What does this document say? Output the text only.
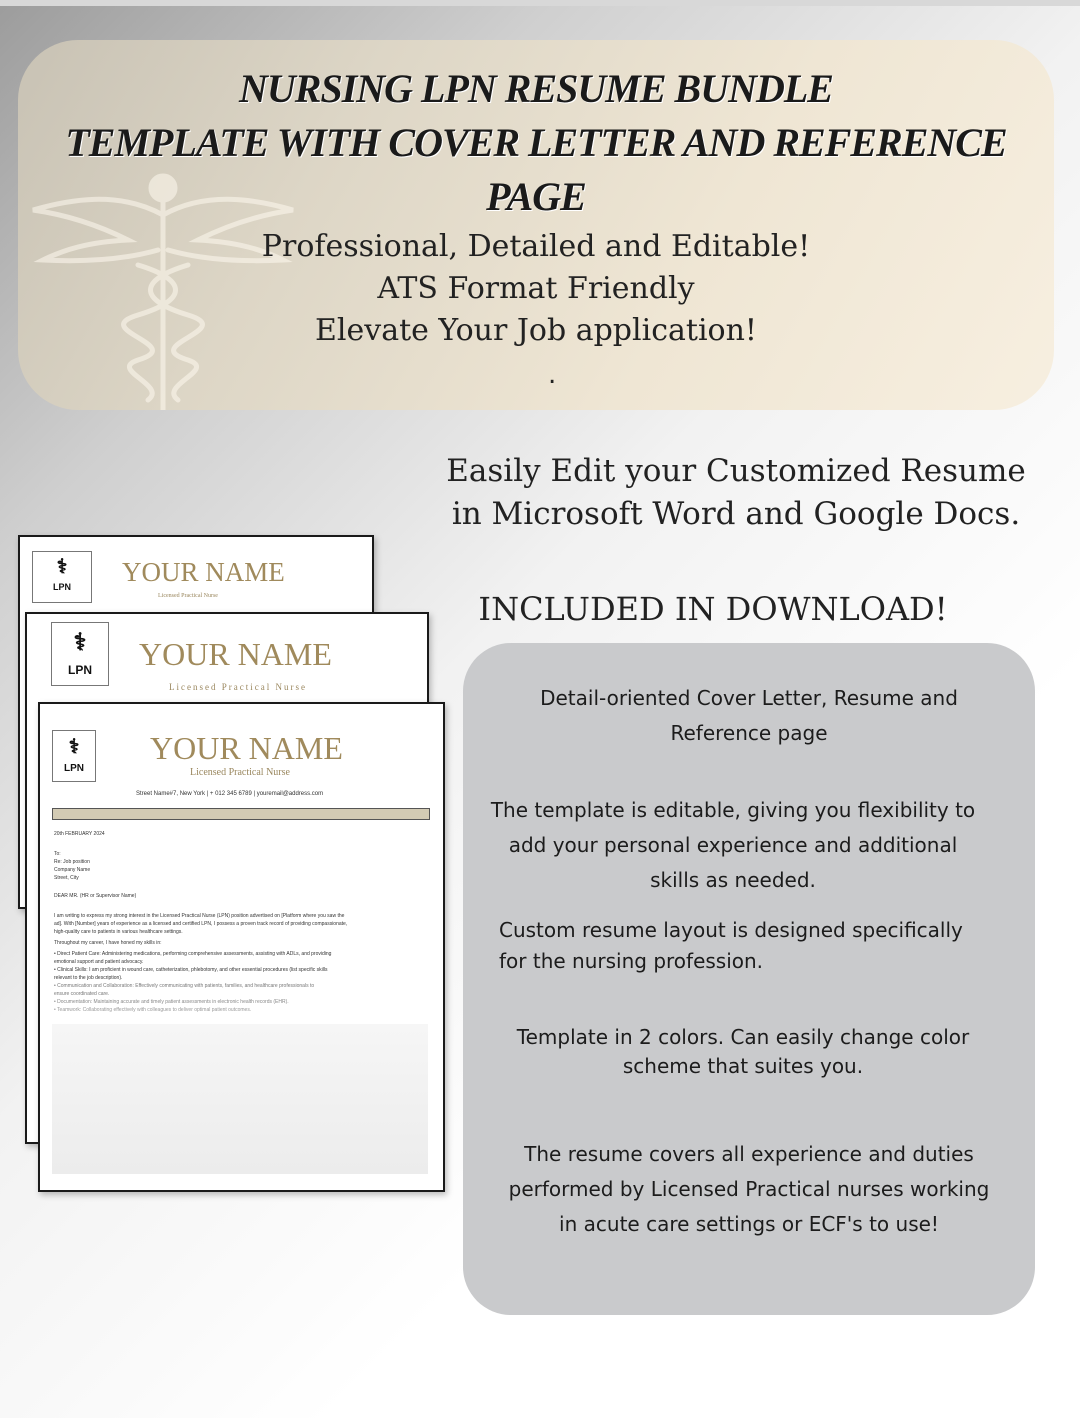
NURSING LPN RESUME BUNDLE
TEMPLATE WITH COVER LETTER AND REFERENCE
PAGE
Professional, Detailed and Editable!
ATS Format Friendly
Elevate Your Job application!
.
Easily Edit your Customized Resume
in Microsoft Word and Google Docs.
INCLUDED IN DOWNLOAD!
Detail-oriented Cover Letter, Resume and
Reference page
The template is editable, giving you flexibility to
add your personal experience and additional
skills as needed.
Custom resume layout is designed specifically
for the nursing profession.
Template in 2 colors. Can easily change color
scheme that suites you.
The resume covers all experience and duties
performed by Licensed Practical nurses working
in acute care settings or ECF's to use!
⚕
LPN	YOUR NAME
Licensed Practical Nurse
⚕
LPN	YOUR NAME
Licensed Practical Nurse
⚕
LPN
YOUR NAME
Licensed Practical Nurse
Street Name#7, New York | + 012 345 6789 | youremail@address.com
20th FEBRUARY 2024
To:
Re: Job position
Company Name
Street, City
DEAR MR. (HR or Supervisor Name)
I am writing to express my strong interest in the Licensed Practical Nurse (LPN) position advertised on [Platform where you saw the
ad]. With [Number] years of experience as a licensed and certified LPN, I possess a proven track record of providing compassionate,
high-quality care to patients in various healthcare settings.
Throughout my career, I have honed my skills in:
• Direct Patient Care: Administering medications, performing comprehensive assessments, assisting with ADLs, and providing
emotional support and patient advocacy.
• Clinical Skills: I am proficient in wound care, catheterization, phlebotomy, and other essential procedures (list specific skills
relevant to the job description).
• Communication and Collaboration: Effectively communicating with patients, families, and healthcare professionals to
ensure coordinated care.
• Documentation: Maintaining accurate and timely patient assessments in electronic health records (EHR).
• Teamwork: Collaborating effectively with colleagues to deliver optimal patient outcomes.
